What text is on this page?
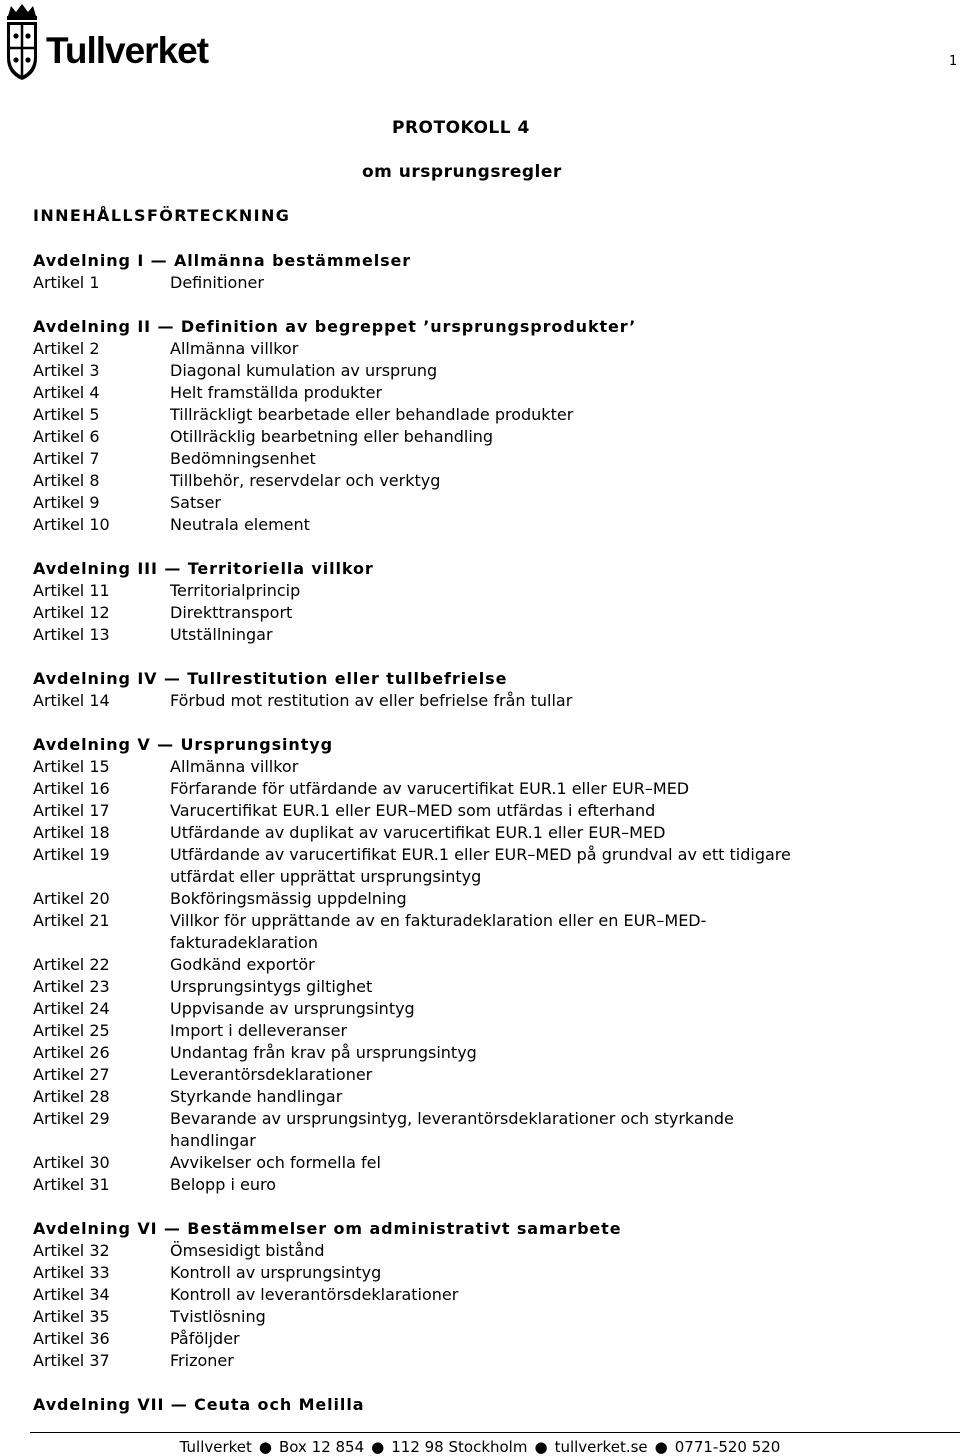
Tullverket	1
PROTOKOLL 4
om ursprungsregler
INNEHÅLLSFÖRTECKNING
Avdelning I — Allmänna bestämmelser
Artikel 1	Definitioner
Avdelning II — Definition av begreppet ’ursprungsprodukter’
Artikel 2	Allmänna villkor
Artikel 3	Diagonal kumulation av ursprung
Artikel 4	Helt framställda produkter
Artikel 5	Tillräckligt bearbetade eller behandlade produkter
Artikel 6	Otillräcklig bearbetning eller behandling
Artikel 7	Bedömningsenhet
Artikel 8	Tillbehör, reservdelar och verktyg
Artikel 9	Satser
Artikel 10	Neutrala element
Avdelning III — Territoriella villkor
Artikel 11	Territorialprincip
Artikel 12	Direkttransport
Artikel 13	Utställningar
Avdelning IV — Tullrestitution eller tullbefrielse
Artikel 14	Förbud mot restitution av eller befrielse från tullar
Avdelning V — Ursprungsintyg
Artikel 15	Allmänna villkor
Artikel 16	Förfarande för utfärdande av varucertifikat EUR.1 eller EUR–MED
Artikel 17	Varucertifikat EUR.1 eller EUR–MED som utfärdas i efterhand
Artikel 18	Utfärdande av duplikat av varucertifikat EUR.1 eller EUR–MED
Artikel 19	Utfärdande av varucertifikat EUR.1 eller EUR–MED på grundval av ett tidigare utfärdat eller upprättat ursprungsintyg
Artikel 20	Bokföringsmässig uppdelning
Artikel 21	Villkor för upprättande av en fakturadeklaration eller en EUR–MED-fakturadeklaration
Artikel 22	Godkänd exportör
Artikel 23	Ursprungsintygs giltighet
Artikel 24	Uppvisande av ursprungsintyg
Artikel 25	Import i delleveranser
Artikel 26	Undantag från krav på ursprungsintyg
Artikel 27	Leverantörsdeklarationer
Artikel 28	Styrkande handlingar
Artikel 29	Bevarande av ursprungsintyg, leverantörsdeklarationer och styrkande handlingar
Artikel 30	Avvikelser och formella fel
Artikel 31	Belopp i euro
Avdelning VI — Bestämmelser om administrativt samarbete
Artikel 32	Ömsesidigt bistånd
Artikel 33	Kontroll av ursprungsintyg
Artikel 34	Kontroll av leverantörsdeklarationer
Artikel 35	Tvistlösning
Artikel 36	Påföljder
Artikel 37	Frizoner
Avdelning VII — Ceuta och Melilla
Tullverket ● Box 12 854 ● 112 98 Stockholm ● tullverket.se ● 0771-520 520
